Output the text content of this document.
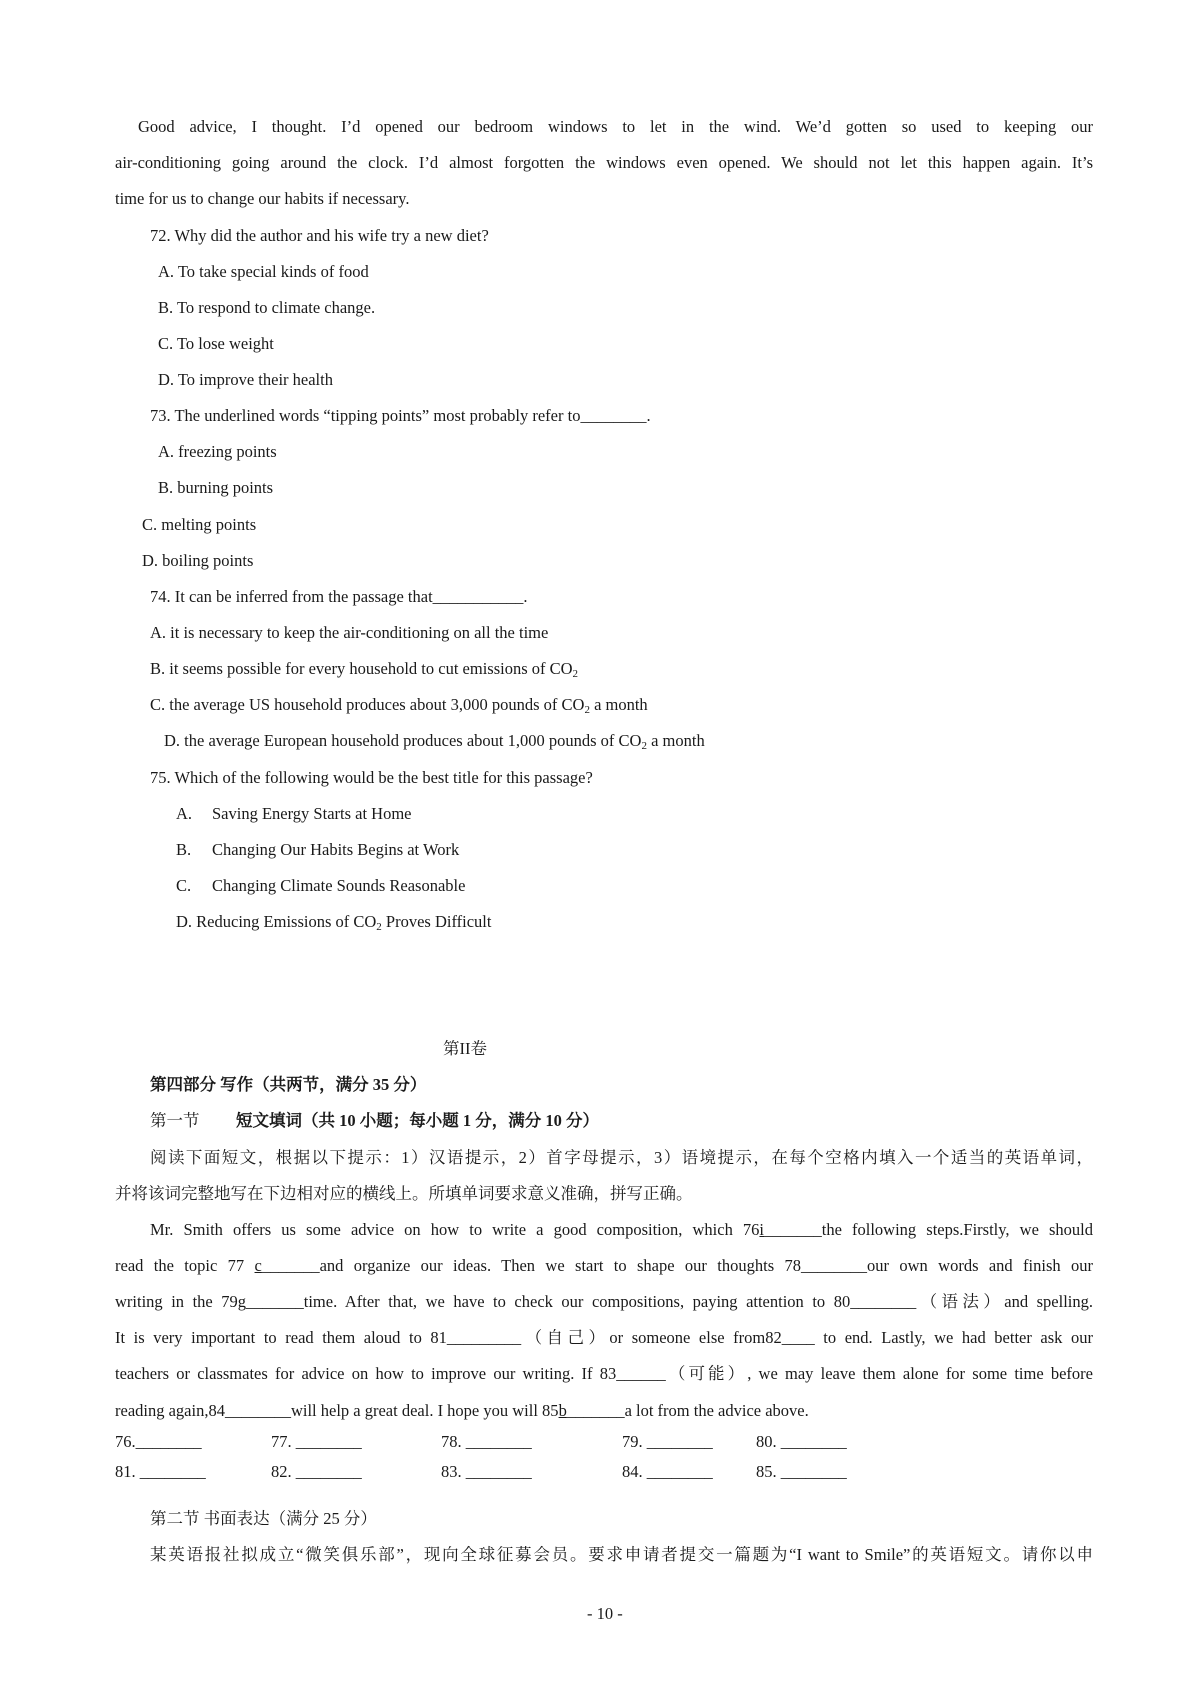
Good advice, I thought. I’d opened our bedroom windows to let in the wind. We’d gotten so used to keeping our
air-conditioning going around the clock. I’d almost forgotten the windows even opened. We should not let this happen again. It’s
time for us to change our habits if necessary.
72. Why did the author and his wife try a new diet?
A. To take special kinds of food
B. To respond to climate change.
C. To lose weight
D. To improve their health
73. The underlined words “tipping points” most probably refer to________.
A. freezing points
B. burning points
C. melting points
D. boiling points
74. It can be inferred from the passage that___________.
A. it is necessary to keep the air-conditioning on all the time
B. it seems possible for every household to cut emissions of $CO_2$
C. the average US household produces about 3,000 pounds of $CO_2$ a month
D. the average European household produces about 1,000 pounds of $CO_2$ a month
75. Which of the following would be the best title for this passage?
A. Saving Energy Starts at Home
B. Changing Our Habits Begins at Work
C. Changing Climate Sounds Reasonable
D. Reducing Emissions of $CO_2$ Proves Difficult
第II卷
第四部分 写作（共两节，满分 35 分）
第一节 短文填词（共 10 小题；每小题 1 分，满分 10 分）
阅读下面短文，根据以下提示：1）汉语提示，2）首字母提示，3）语境提示，在每个空格内填入一个适当的英语单词，
并将该词完整地写在下边相对应的横线上。所填单词要求意义准确，拼写正确。
Mr. Smith offers us some advice on how to write a good composition, which 76i_______the following steps.Firstly, we should
read the topic 77 c_______and organize our ideas. Then we start to shape our thoughts 78________our own words and finish our
writing in the 79g_______time. After that, we have to check our compositions, paying attention to 80________（语法）and spelling.
It is very important to read them aloud to 81_________（自己）or someone else from82____ to end. Lastly, we had better ask our
teachers or classmates for advice on how to improve our writing. If 83______（可能）, we may leave them alone for some time before
reading again,84________will help a great deal. I hope you will 85b_______a lot from the advice above.
76.________	77. ________	78. ________	79. ________	80. ________
81. ________	82. ________	83. ________	84. ________	85. ________
第二节 书面表达（满分 25 分）
某英语报社拟成立“微笑俱乐部”，现向全球征募会员。要求申请者提交一篇题为“I want to Smile”的英语短文。请你以申
- 10 -
